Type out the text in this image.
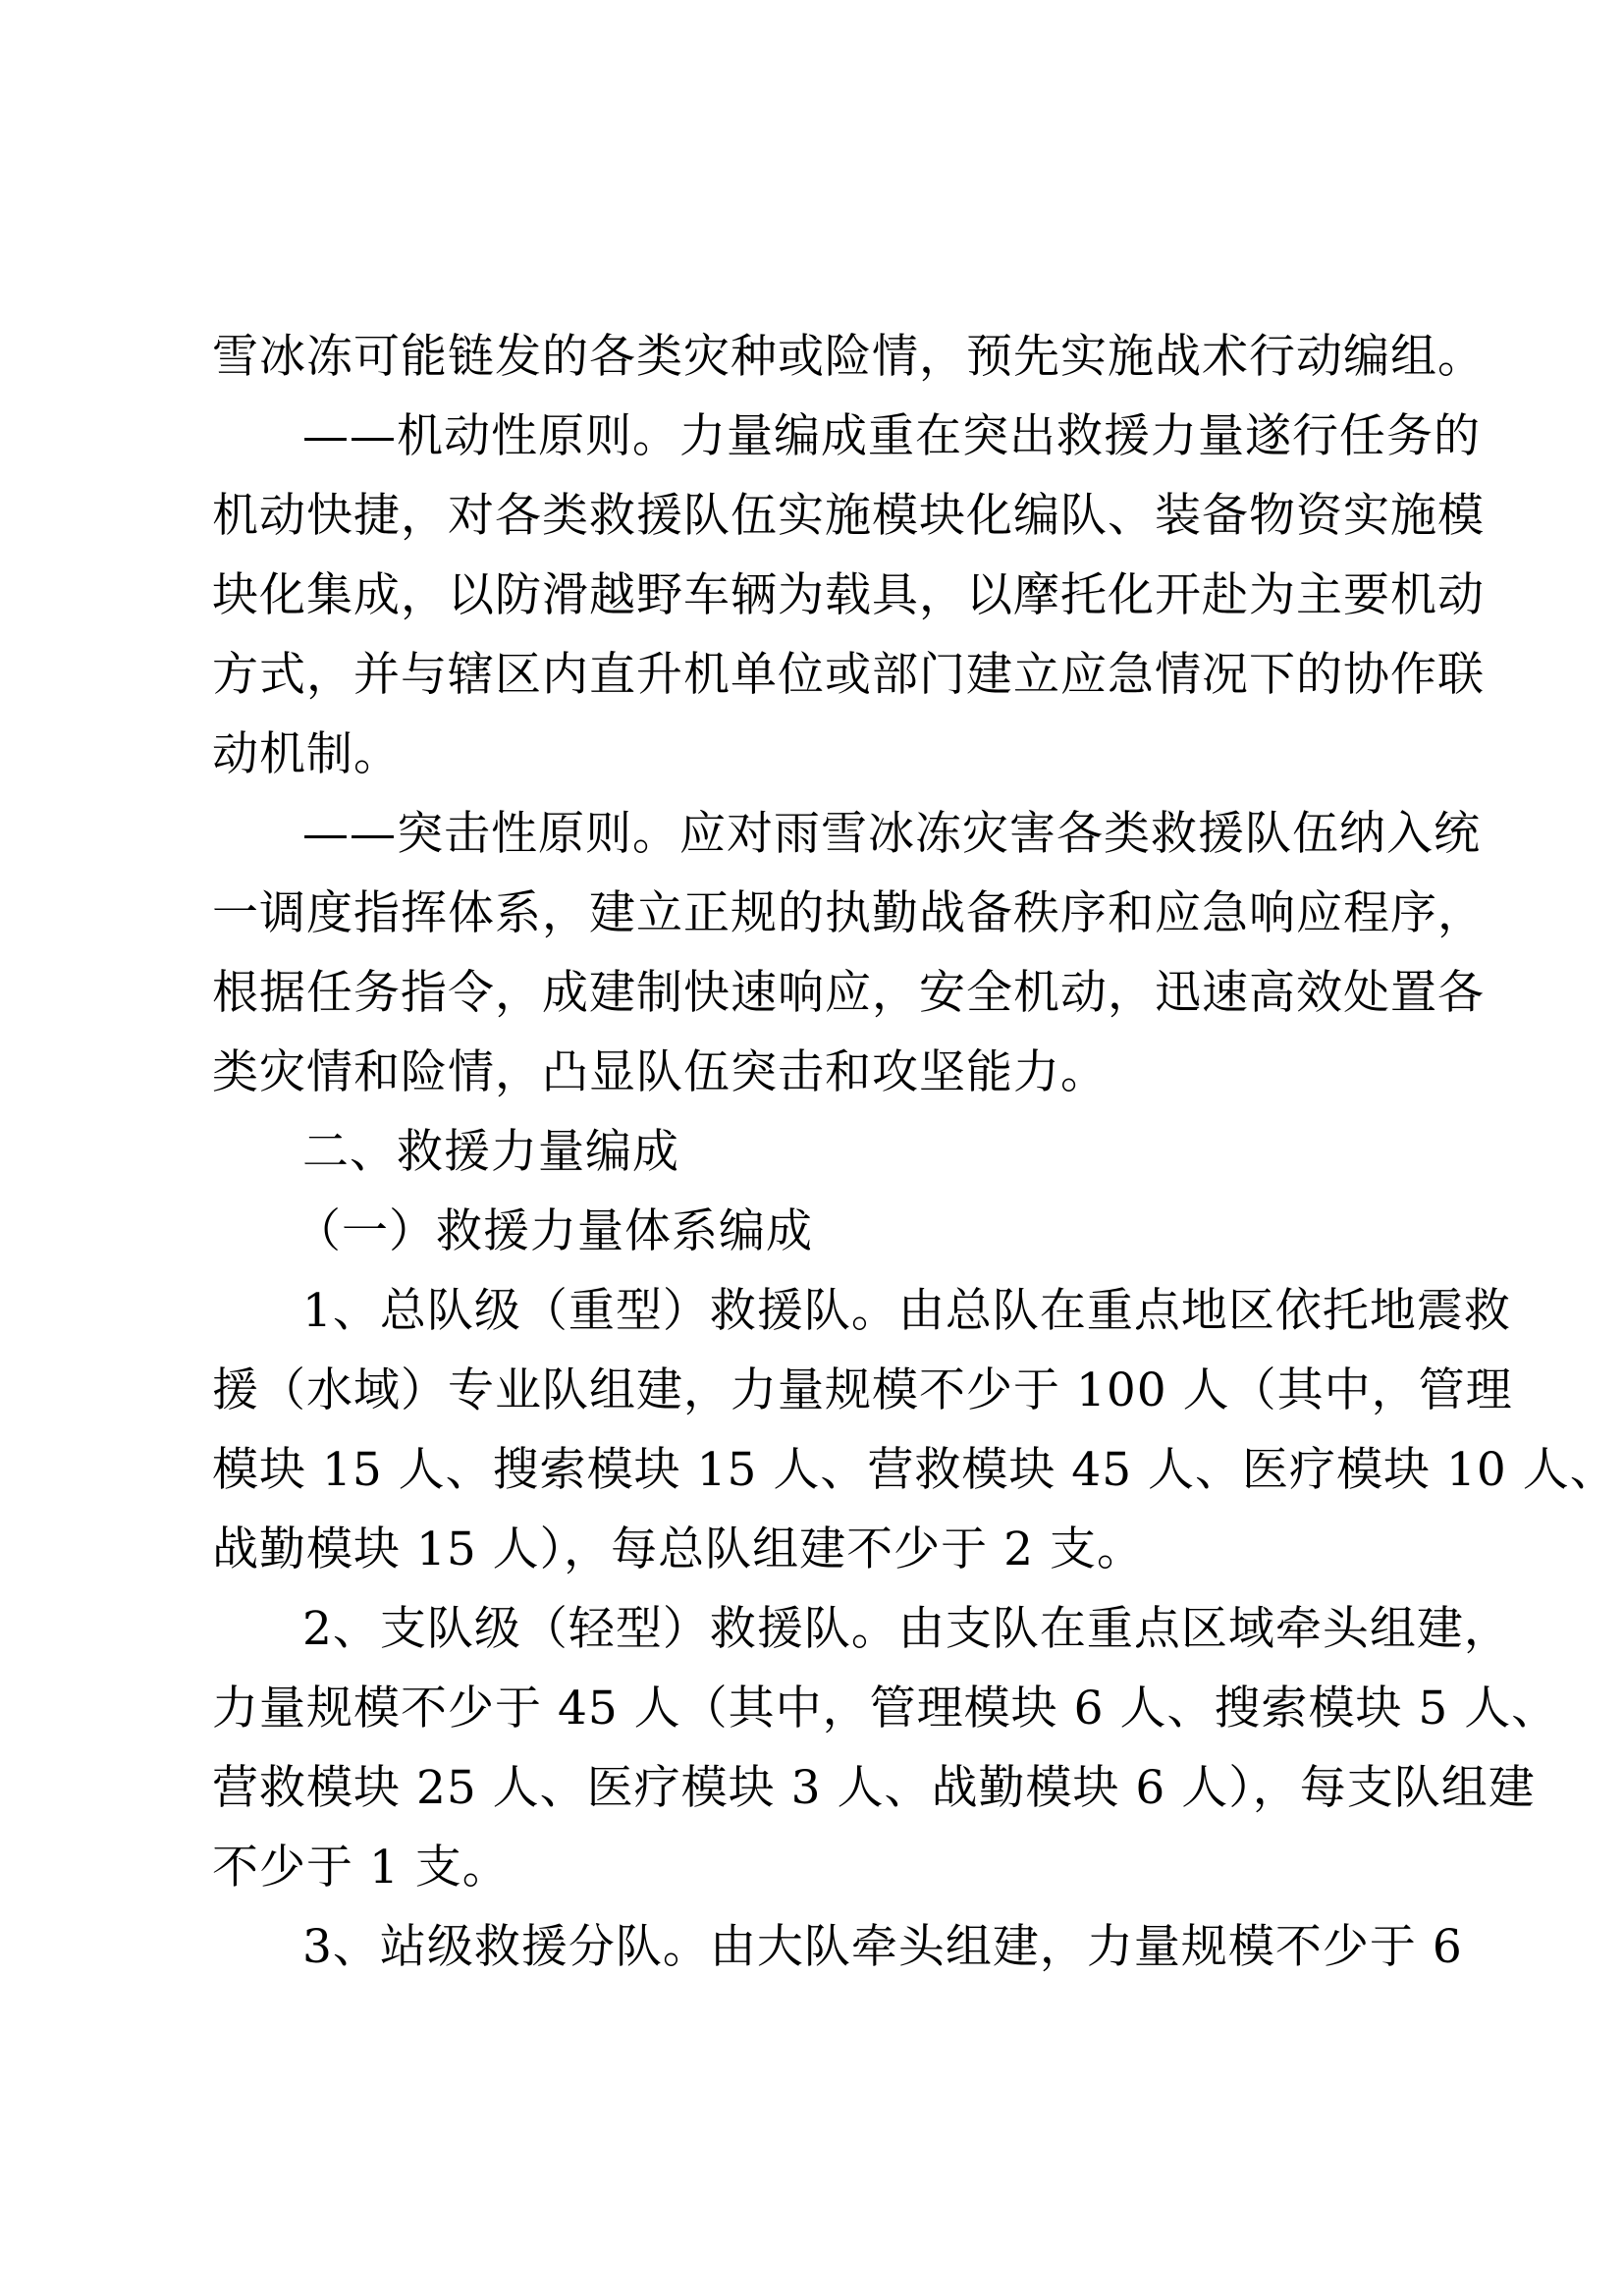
雪冰冻可能链发的各类灾种或险情，预先实施战术行动编组。
——机动性原则。力量编成重在突出救援力量遂行任务的
机动快捷，对各类救援队伍实施模块化编队、装备物资实施模
块化集成，以防滑越野车辆为载具，以摩托化开赴为主要机动
方式，并与辖区内直升机单位或部门建立应急情况下的协作联
动机制。
——突击性原则。应对雨雪冰冻灾害各类救援队伍纳入统
一调度指挥体系，建立正规的执勤战备秩序和应急响应程序，
根据任务指令，成建制快速响应，安全机动，迅速高效处置各
类灾情和险情，凸显队伍突击和攻坚能力。
二、救援力量编成
（一）救援力量体系编成
1、总队级（重型）救援队。由总队在重点地区依托地震救
援（水域）专业队组建，力量规模不少于 100 人（其中，管理
模块 15 人、搜索模块 15 人、营救模块 45 人、医疗模块 10 人、
战勤模块 15 人），每总队组建不少于 2 支。
2、支队级（轻型）救援队。由支队在重点区域牵头组建，
力量规模不少于 45 人（其中，管理模块 6 人、搜索模块 5 人、
营救模块 25 人、医疗模块 3 人、战勤模块 6 人），每支队组建
不少于 1 支。
3、站级救援分队。由大队牵头组建，力量规模不少于 6
